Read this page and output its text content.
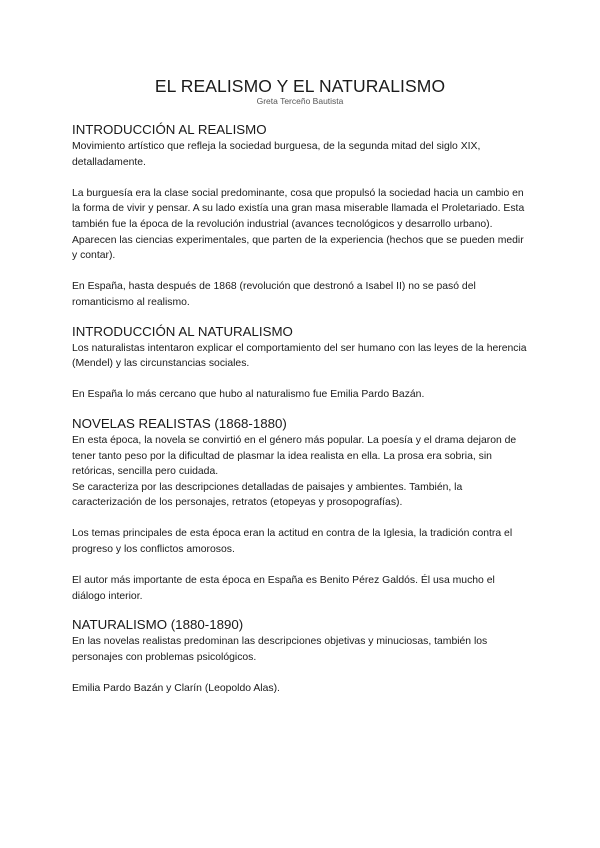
EL REALISMO Y EL NATURALISMO
Greta Terceño Bautista
INTRODUCCIÓN AL REALISMO

Movimiento artístico que refleja la sociedad burguesa, de la segunda mitad del siglo XIX, detalladamente.

La burguesía era la clase social predominante, cosa que propulsó la sociedad hacia un cambio en la forma de vivir y pensar. A su lado existía una gran masa miserable llamada el Proletariado. Esta también fue la época de la revolución industrial (avances tecnológicos y desarrollo urbano).

Aparecen las ciencias experimentales, que parten de la experiencia (hechos que se pueden medir y contar).

En España, hasta después de 1868 (revolución que destronó a Isabel II) no se pasó del romanticismo al realismo.

INTRODUCCIÓN AL NATURALISMO

Los naturalistas intentaron explicar el comportamiento del ser humano con las leyes de la herencia (Mendel) y las circunstancias sociales.

En España lo más cercano que hubo al naturalismo fue Emilia Pardo Bazán.

NOVELAS REALISTAS (1868-1880)

En esta época, la novela se convirtió en el género más popular. La poesía y el drama dejaron de tener tanto peso por la dificultad de plasmar la idea realista en ella. La prosa era sobria, sin retóricas, sencilla pero cuidada.

Se caracteriza por las descripciones detalladas de paisajes y ambientes. También, la caracterización de los personajes, retratos (etopeyas y prosopografías).

Los temas principales de esta época eran la actitud en contra de la Iglesia, la tradición contra el progreso y los conflictos amorosos.

El autor más importante de esta época en España es Benito Pérez Galdós. Él usa mucho el diálogo interior.

NATURALISMO (1880-1890)

En las novelas realistas predominan las descripciones objetivas y minuciosas, también los personajes con problemas psicológicos.

Emilia Pardo Bazán y Clarín (Leopoldo Alas).
